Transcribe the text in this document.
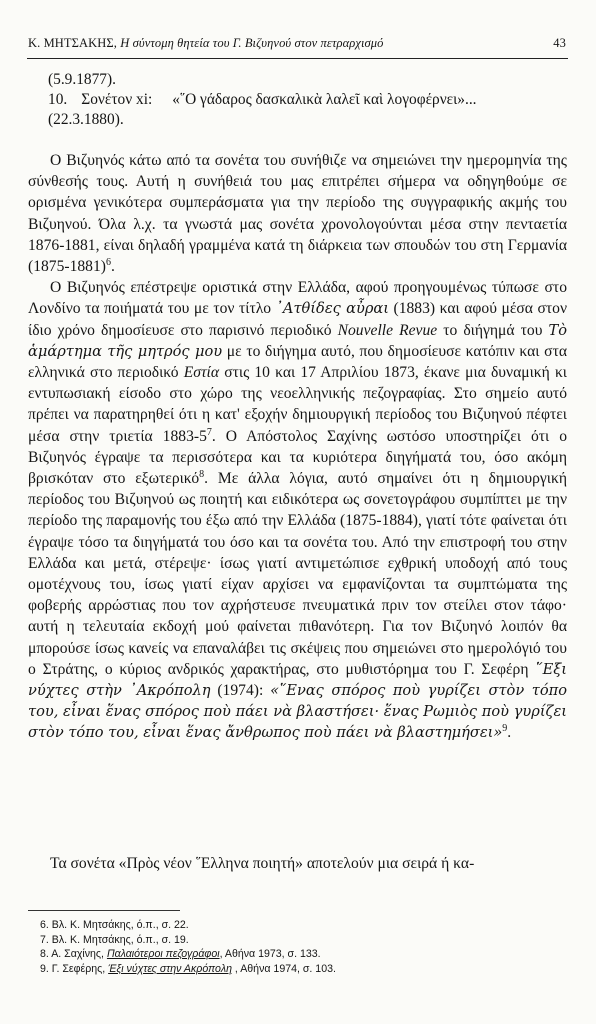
Κ. ΜΗΤΣΑΚΗΣ, Η σύντομη θητεία του Γ. Βιζυηνού στον πετραρχισμό	43
(5.9.1877).
10. Σονέτον xi: «῞Ο γάδαρος δασκαλικὰ λαλεῖ καὶ λογοφέρνει»...
(22.3.1880).

Ο Βιζυηνός κάτω από τα σονέτα του συνήθιζε να σημειώνει την ημερομηνία της σύνθεσής τους. Αυτή η συνήθειά του μας επιτρέπει σήμερα να οδηγηθούμε σε ορισμένα γενικότερα συμπεράσματα για την περίοδο της συγγραφικής ακμής του Βιζυηνού. Όλα λ.χ. τα γνωστά μας σονέτα χρονολογούνται μέσα στην πενταετία 1876-1881, είναι δηλαδή γραμμένα κατά τη διάρκεια των σπουδών του στη Γερμανία (1875-1881)$^6$.

Ο Βιζυηνός επέστρεψε οριστικά στην Ελλάδα, αφού προηγουμένως τύπωσε στο Λονδίνο τα ποιήματά του με τον τίτλο ᾽Ατθίδες αὖραι (1883) και αφού μέσα στον ίδιο χρόνο δημοσίευσε στο παρισινό περιοδικό Nouvelle Revue το διήγημά του Τὸ ἁμάρτημα τῆς μητρός μου με το διήγημα αυτό, που δημοσίευσε κατόπιν και στα ελληνικά στο περιοδικό Εστία στις 10 και 17 Απριλίου 1873, έκανε μια δυναμική κι εντυπωσιακή είσοδο στο χώρο της νεοελληνικής πεζογραφίας. Στο σημείο αυτό πρέπει να παρατηρηθεί ότι η κατ' εξοχήν δημιουργική περίοδος του Βιζυηνού πέφτει μέσα στην τριετία $1883-5^7$. Ο Απόστολος Σαχίνης ωστόσο υποστηρίζει ότι ο Βιζυηνός έγραψε τα περισσότερα και τα κυριότερα διηγήματά του, όσο ακόμη βρισκόταν στο εξωτερικό$^8$. Με άλλα λόγια, αυτό σημαίνει ότι η δημιουργική περίοδος του Βιζυηνού ως ποιητή και ειδικότερα ως σονετογράφου συμπίπτει με την περίοδο της παραμονής του έξω από την Ελλάδα (1875-1884), γιατί τότε φαίνεται ότι έγραψε τόσο τα διηγήματά του όσο και τα σονέτα του. Από την επιστροφή του στην Ελλάδα και μετά, στέρεψε· ίσως γιατί αντιμετώπισε εχθρική υποδοχή από τους ομοτέχνους του, ίσως γιατί είχαν αρχίσει να εμφανίζονται τα συμπτώματα της φοβερής αρρώστιας που τον αχρήστευσε πνευματικά πριν τον στείλει στον τάφο· αυτή η τελευταία εκδοχή μού φαίνεται πιθανότερη. Για τον Βιζυηνό λοιπόν θα μπορούσε ίσως κανείς να επαναλάβει τις σκέψεις που σημειώνει στο ημερολόγιό του ο Στράτης, ο κύριος ανδρικός χαρακτήρας, στο μυθιστόρημα του Γ. Σεφέρη ῞Εξι νύχτες στὴν ᾽Ακρόπολη (1974): «῞Ενας σπόρος ποὺ γυρίζει στὸν τόπο του, εἶναι ἕνας σπόρος ποὺ πάει νὰ βλαστήσει· ἕνας Ρωμιὸς ποὺ γυρίζει στὸν τόπο του, εἶναι ἕνας ἄνθρωπος ποὺ πάει νὰ βλαστημήσει»$^9$.

Τα σονέτα «Πρὸς νέον ῞Ελληνα ποιητή» αποτελούν μια σειρά ή κα-
6. Βλ. Κ. Μητσάκης, ό.π., σ. 22.
7. Βλ. Κ. Μητσάκης, ό.π., σ. 19.
8. Α. Σαχίνης, Παλαιότεροι πεζογράφοι, Αθήνα 1973, σ. 133.
9. Γ. Σεφέρης, Έξι νύχτες στην Ακρόπολη , Αθήνα 1974, σ. 103.
